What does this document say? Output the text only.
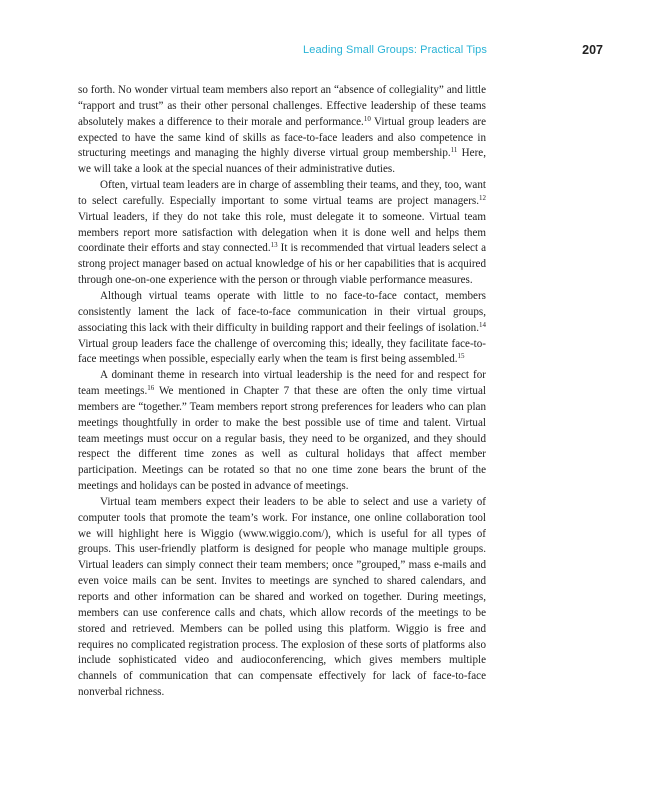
Leading Small Groups: Practical Tips	207

so forth. No wonder virtual team members also report an “absence of collegiality” and little “rapport and trust” as their other personal challenges. Effective leadership of these teams absolutely makes a difference to their morale and performance.$^{10}$ Virtual group leaders are expected to have the same kind of skills as face-to-face leaders and also competence in structuring meetings and managing the highly diverse virtual group membership.$^{11}$ Here, we will take a look at the special nuances of their administrative duties.

Often, virtual team leaders are in charge of assembling their teams, and they, too, want to select carefully. Especially important to some virtual teams are project managers.$^{12}$ Virtual leaders, if they do not take this role, must delegate it to someone. Virtual team members report more satisfaction with delegation when it is done well and helps them coordinate their efforts and stay connected.$^{13}$ It is recommended that virtual leaders select a strong project manager based on actual knowledge of his or her capabilities that is acquired through one-on-one experience with the person or through viable performance measures.

Although virtual teams operate with little to no face-to-face contact, members consistently lament the lack of face-to-face communication in their virtual groups, associating this lack with their difficulty in building rapport and their feelings of isolation.$^{14}$ Virtual group leaders face the challenge of overcoming this; ideally, they facilitate face-to-face meetings when possible, especially early when the team is first being assembled.$^{15}$

A dominant theme in research into virtual leadership is the need for and respect for team meetings.$^{16}$ We mentioned in Chapter 7 that these are often the only time virtual members are “together.” Team members report strong preferences for leaders who can plan meetings thoughtfully in order to make the best possible use of time and talent. Virtual team meetings must occur on a regular basis, they need to be organized, and they should respect the different time zones as well as cultural holidays that affect member participation. Meetings can be rotated so that no one time zone bears the brunt of the meetings and holidays can be posted in advance of meetings.

Virtual team members expect their leaders to be able to select and use a variety of computer tools that promote the team’s work. For instance, one online collaboration tool we will highlight here is Wiggio (www.wiggio.com/), which is useful for all types of groups. This user-friendly platform is designed for people who manage multiple groups. Virtual leaders can simply connect their team members; once ”grouped,” mass e-mails and even voice mails can be sent. Invites to meetings are synched to shared calendars, and reports and other information can be shared and worked on together. During meetings, members can use conference calls and chats, which allow records of the meetings to be stored and retrieved. Members can be polled using this platform. Wiggio is free and requires no complicated registration process. The explosion of these sorts of platforms also include sophisticated video and audioconferencing, which gives members multiple channels of communication that can compensate effectively for lack of face-to-face nonverbal richness.
